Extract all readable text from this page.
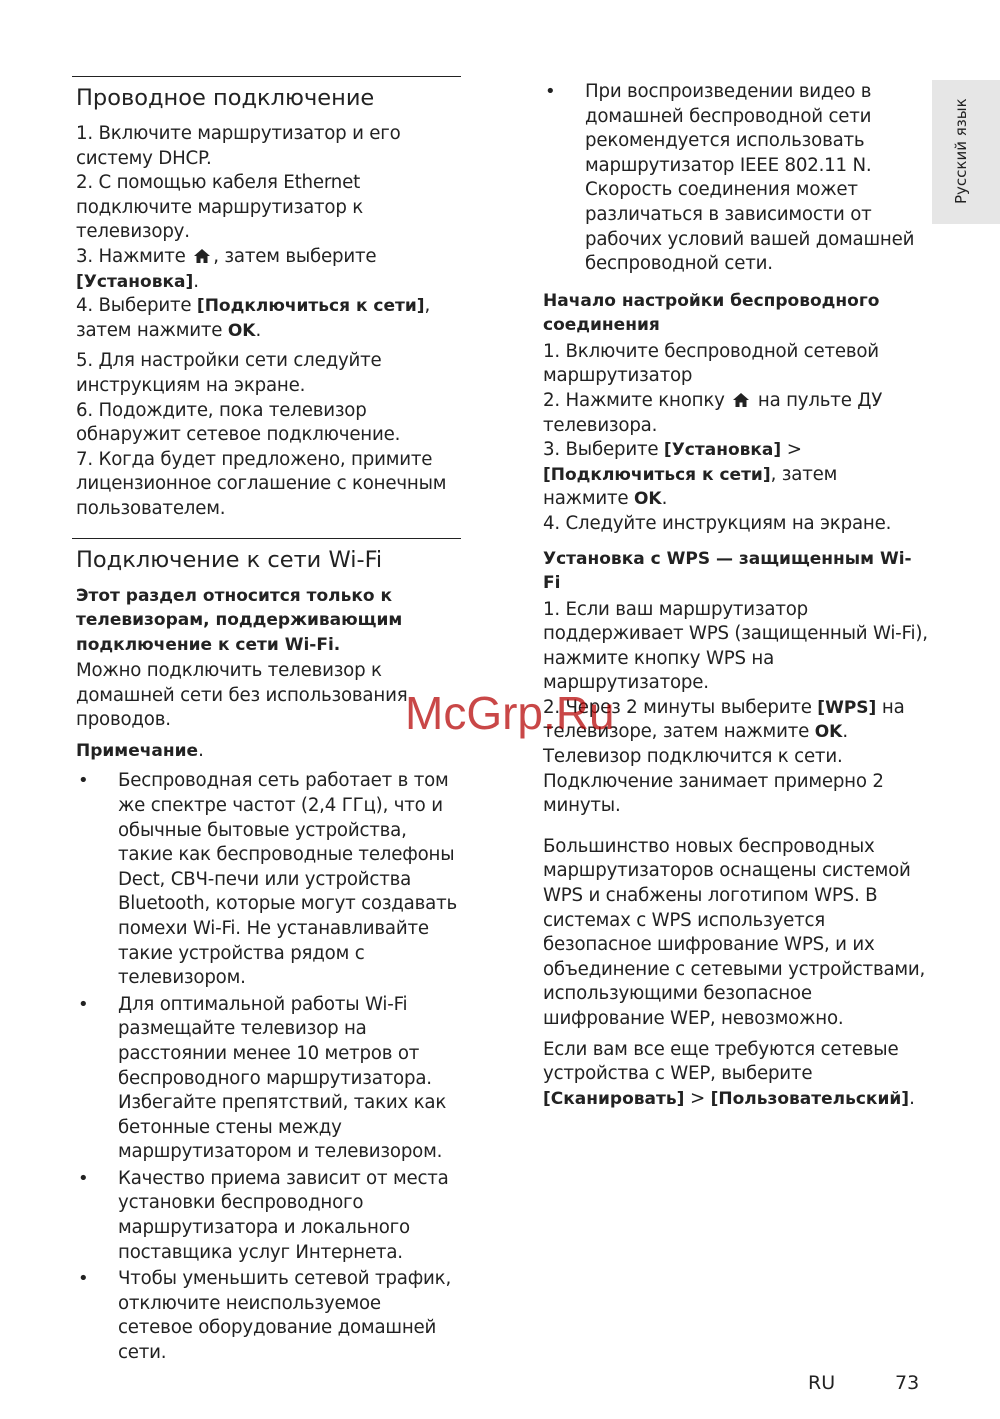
Проводное подключение

1. Включите маршрутизатор и его систему DHCP.

2. С помощью кабеля Ethernet подключите маршрутизатор к телевизору.

3. Нажмите , затем выберите [Установка].

4. Выберите [Подключиться к сети], затем нажмите OK.

5. Для настройки сети следуйте инструкциям на экране.

6. Подождите, пока телевизор обнаружит сетевое подключение.

7. Когда будет предложено, примите лицензионное соглашение с конечным пользователем.

Подключение к сети Wi-Fi
Этот раздел относится только к телевизорам, поддерживающим подключение к сети Wi-Fi.

Можно подключить телевизор к домашней сети без использования проводов.

Примечание.

• Беспроводная сеть работает в том же спектре частот (2,4 ГГц), что и обычные бытовые устройства, такие как беспроводные телефоны Dect, СВЧ-печи или устройства Bluetooth, которые могут создавать помехи Wi-Fi. Не устанавливайте такие устройства рядом с телевизором.
• Для оптимальной работы Wi-Fi размещайте телевизор на расстоянии менее 10 метров от беспроводного маршрутизатора. Избегайте препятствий, таких как бетонные стены между маршрутизатором и телевизором.
• Качество приема зависит от места установки беспроводного маршрутизатора и локального поставщика услуг Интернета.
• Чтобы уменьшить сетевой трафик, отключите неиспользуемое сетевое оборудование домашней сети.
• При воспроизведении видео в домашней беспроводной сети рекомендуется использовать маршрутизатор IEEE 802.11 N. Скорость соединения может различаться в зависимости от рабочих условий вашей домашней беспроводной сети.
Начало настройки беспроводного соединения

1. Включите беспроводной сетевой маршрутизатор

2. Нажмите кнопку на пульте ДУ телевизора.

3. Выберите [Установка] > [Подключиться к сети], затем нажмите OK.

4. Следуйте инструкциям на экране.

Установка с WPS — защищенным Wi-Fi

1. Если ваш маршрутизатор поддерживает WPS (защищенный Wi-Fi), нажмите кнопку WPS на маршрутизаторе.

2. Через 2 минуты выберите [WPS] на телевизоре, затем нажмите OK.

Телевизор подключится к сети. Подключение занимает примерно 2 минуты.

Большинство новых беспроводных маршрутизаторов оснащены системой WPS и снабжены логотипом WPS. В системах с WPS используется безопасное шифрование WPS, и их объединение с сетевыми устройствами, использующими безопасное шифрование WEP, невозможно.

Если вам все еще требуются сетевые устройства с WEP, выберите [Сканировать] > [Пользовательский].

Русский язык
McGrp.Ru
RU	73
